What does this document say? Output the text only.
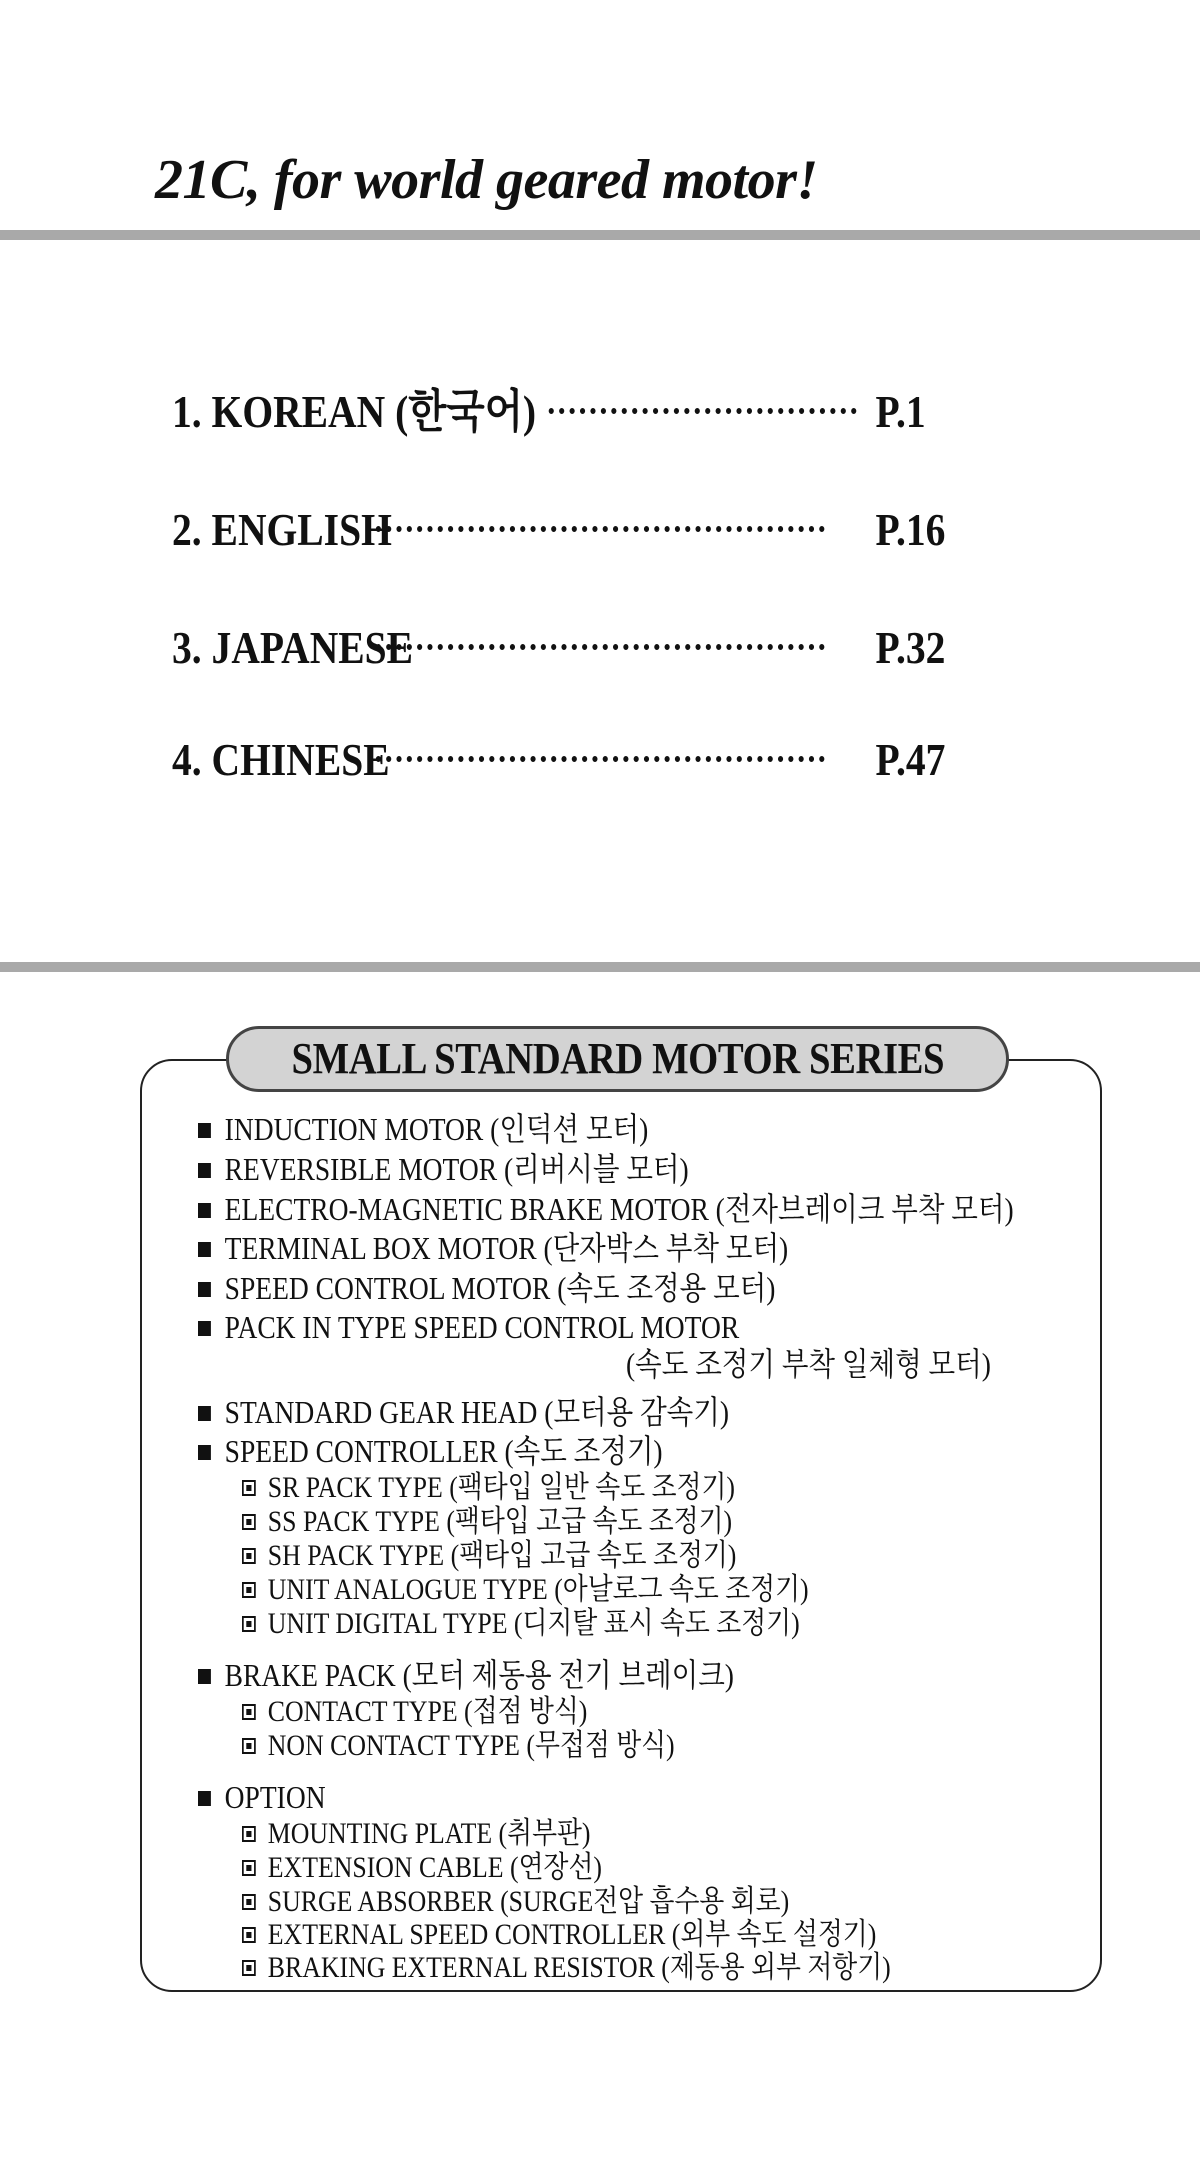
21C, for world geared motor!
1. KOREAN (한국어)	P.1
2. ENGLISH	P.16
3. JAPANESE	P.32
4. CHINESE	P.47
SMALL STANDARD MOTOR SERIES
INDUCTION MOTOR (인덕션 모터)
REVERSIBLE MOTOR (리버시블 모터)
ELECTRO-MAGNETIC BRAKE MOTOR (전자브레이크 부착 모터)
TERMINAL BOX MOTOR (단자박스 부착 모터)
SPEED CONTROL MOTOR (속도 조정용 모터)
PACK IN TYPE SPEED CONTROL MOTOR
(속도 조정기 부착 일체형 모터)
STANDARD GEAR HEAD (모터용 감속기)
SPEED CONTROLLER (속도 조정기)
SR PACK TYPE (팩타입 일반 속도 조정기)
SS PACK TYPE (팩타입 고급 속도 조정기)
SH PACK TYPE (팩타입 고급 속도 조정기)
UNIT ANALOGUE TYPE (아날로그 속도 조정기)
UNIT DIGITAL TYPE (디지탈 표시 속도 조정기)
BRAKE PACK (모터 제동용 전기 브레이크)
CONTACT TYPE (접점 방식)
NON CONTACT TYPE (무접점 방식)
OPTION
MOUNTING PLATE (취부판)
EXTENSION CABLE (연장선)
SURGE ABSORBER (SURGE전압 흡수용 회로)
EXTERNAL SPEED CONTROLLER (외부 속도 설정기)
BRAKING EXTERNAL RESISTOR (제동용 외부 저항기)
